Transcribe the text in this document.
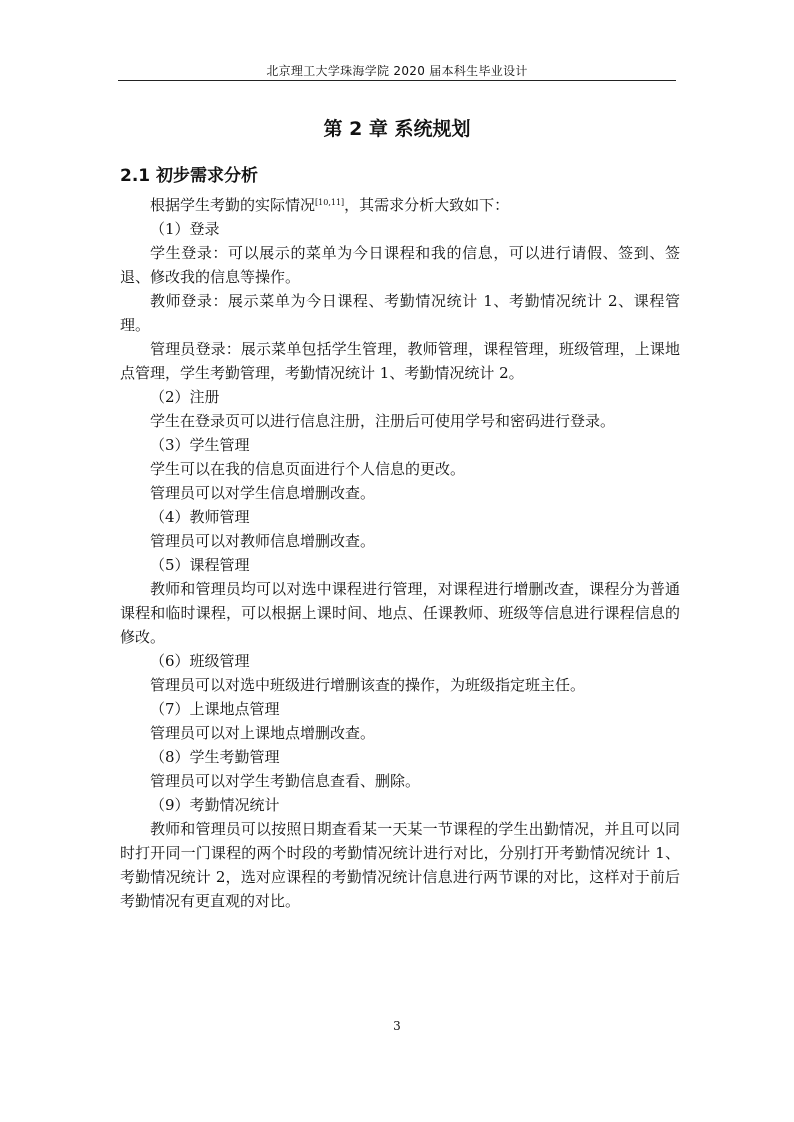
北京理工大学珠海学院 2020 届本科生毕业设计
第 2 章 系统规划
2.1 初步需求分析

根据学生考勤的实际情况[10,11]，其需求分析大致如下：

（1）登录

学生登录：可以展示的菜单为今日课程和我的信息，可以进行请假、签到、签退、修改我的信息等操作。

教师登录：展示菜单为今日课程、考勤情况统计 1、考勤情况统计 2、课程管理。

管理员登录：展示菜单包括学生管理，教师管理，课程管理，班级管理，上课地点管理，学生考勤管理，考勤情况统计 1、考勤情况统计 2。

（2）注册

学生在登录页可以进行信息注册，注册后可使用学号和密码进行登录。

（3）学生管理

学生可以在我的信息页面进行个人信息的更改。

管理员可以对学生信息增删改查。

（4）教师管理

管理员可以对教师信息增删改查。

（5）课程管理

教师和管理员均可以对选中课程进行管理，对课程进行增删改查，课程分为普通课程和临时课程，可以根据上课时间、地点、任课教师、班级等信息进行课程信息的修改。

（6）班级管理

管理员可以对选中班级进行增删该查的操作，为班级指定班主任。

（7）上课地点管理

管理员可以对上课地点增删改查。

（8）学生考勤管理

管理员可以对学生考勤信息查看、删除。

（9）考勤情况统计

教师和管理员可以按照日期查看某一天某一节课程的学生出勤情况，并且可以同时打开同一门课程的两个时段的考勤情况统计进行对比，分别打开考勤情况统计 1、考勤情况统计 2，选对应课程的考勤情况统计信息进行两节课的对比，这样对于前后考勤情况有更直观的对比。

3
